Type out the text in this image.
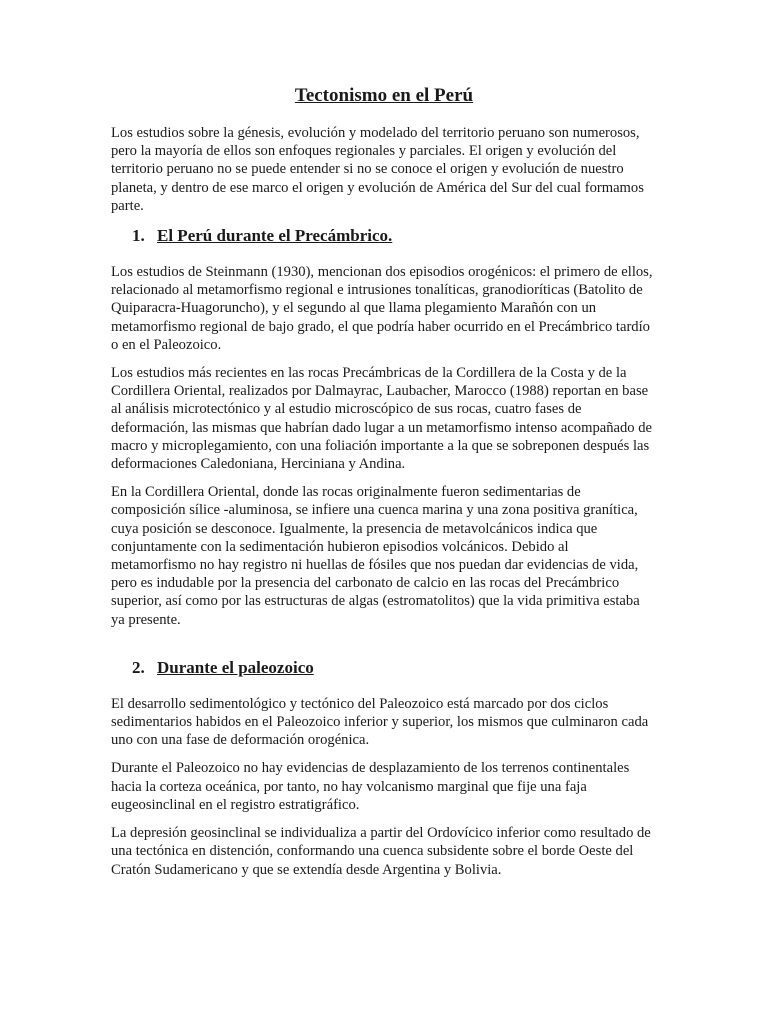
Tectonismo en el Perú

Los estudios sobre la génesis, evolución y modelado del territorio peruano son numerosos, pero la mayoría de ellos son enfoques regionales y parciales. El origen y evolución del territorio peruano no se puede entender si no se conoce el origen y evolución de nuestro planeta, y dentro de ese marco el origen y evolución de América del Sur del cual formamos parte.

1. El Perú durante el Precámbrico.

Los estudios de Steinmann (1930), mencionan dos episodios orogénicos: el primero de ellos, relacionado al metamorfismo regional e intrusiones tonalíticas, granodioríticas (Batolito de Quiparacra-Huagorunchо), y el segundo al que llama plegamiento Marañón con un metamorfismo regional de bajo grado, el que podría haber ocurrido en el Precámbrico tardío o en el Paleozoico.

Los estudios más recientes en las rocas Precámbricas de la Cordillera de la Costa y de la Cordillera Oriental, realizados por Dalmayrac, Laubacher, Marocco (1988) reportan en base al análisis microtectónico y al estudio microscópico de sus rocas, cuatro fases de deformación, las mismas que habrían dado lugar a un metamorfismo intenso acompañado de macro y microplegamiento, con una foliación importante a la que se sobreponen después las deformaciones Caledoniana, Herciniana y Andina.

En la Cordillera Oriental, donde las rocas originalmente fueron sedimentarias de composición sílice -aluminosa, se infiere una cuenca marina y una zona positiva granítica, cuya posición se desconoce. Igualmente, la presencia de metavolcánicos indica que conjuntamente con la sedimentación hubieron episodios volcánicos. Debido al metamorfismo no hay registro ni huellas de fósiles que nos puedan dar evidencias de vida, pero es indudable por la presencia del carbonato de calcio en las rocas del Precámbrico superior, así como por las estructuras de algas (estromatolitos) que la vida primitiva estaba ya presente.

2. Durante el paleozoico

El desarrollo sedimentológico y tectónico del Paleozoico está marcado por dos ciclos sedimentarios habidos en el Paleozoico inferior y superior, los mismos que culminaron cada uno con una fase de deformación orogénica.

Durante el Paleozoico no hay evidencias de desplazamiento de los terrenos continentales hacia la corteza oceánica, por tanto, no hay volcanismo marginal que fije una faja eugeosinclinal en el registro estratigráfico.

La depresión geosinclinal se individualiza a partir del Ordovícico inferior como resultado de una tectónica en distención, conformando una cuenca subsidente sobre el borde Oeste del Cratón Sudamericano y que se extendía desde Argentina y Bolivia.
